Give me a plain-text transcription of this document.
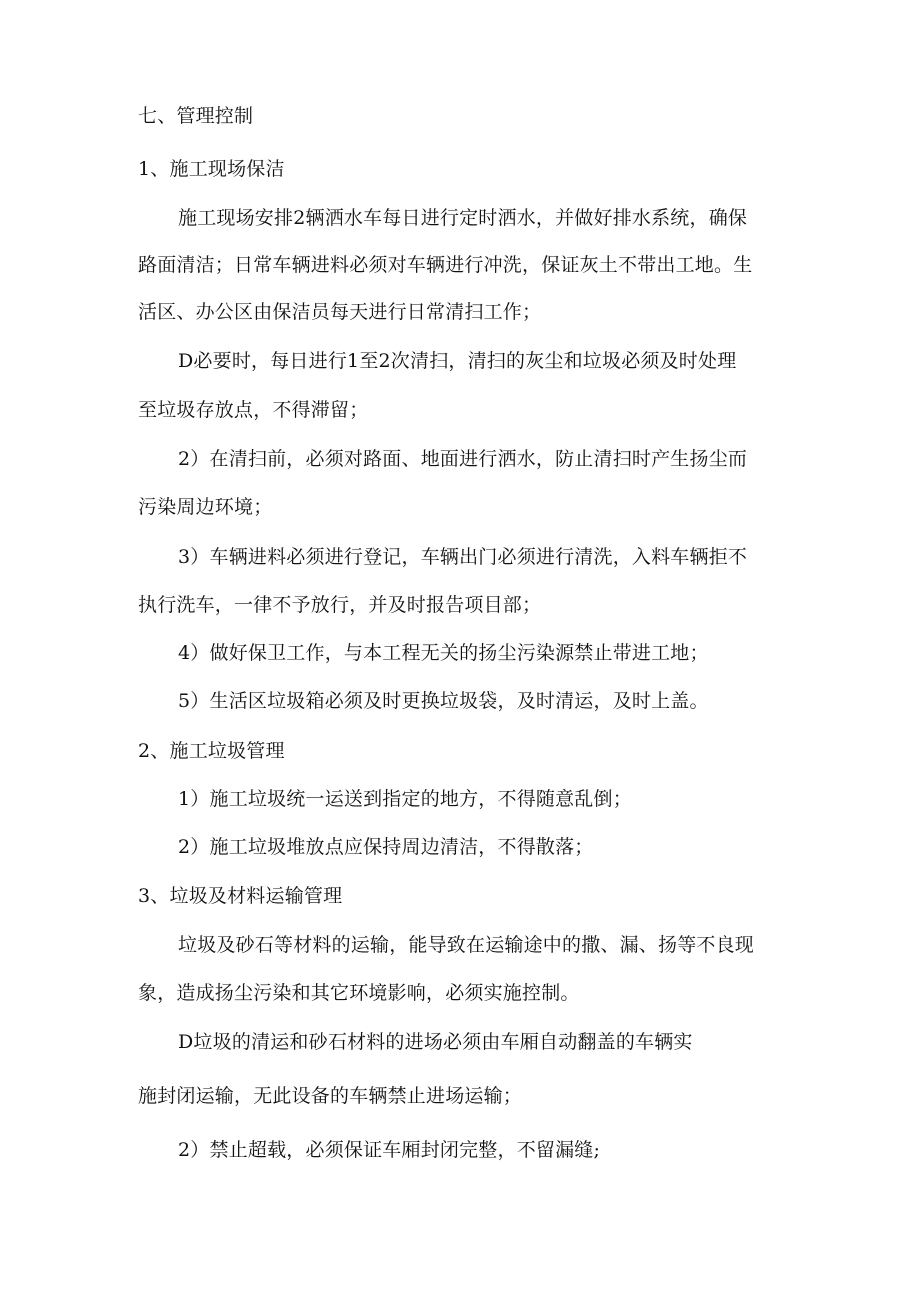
七、管理控制
1、施工现场保洁
施工现场安排2辆洒水车每日进行定时洒水，并做好排水系统，确保
路面清洁；日常车辆进料必须对车辆进行冲洗，保证灰土不带出工地。生
活区、办公区由保洁员每天进行日常清扫工作；
D必要时，每日进行1至2次清扫，清扫的灰尘和垃圾必须及时处理
至垃圾存放点，不得滞留；
2）在清扫前，必须对路面、地面进行洒水，防止清扫时产生扬尘而
污染周边环境；
3）车辆进料必须进行登记，车辆出门必须进行清洗，入料车辆拒不
执行洗车，一律不予放行，并及时报告项目部；
4）做好保卫工作，与本工程无关的扬尘污染源禁止带进工地；
5）生活区垃圾箱必须及时更换垃圾袋，及时清运，及时上盖。
2、施工垃圾管理
1）施工垃圾统一运送到指定的地方，不得随意乱倒；
2）施工垃圾堆放点应保持周边清洁，不得散落；
3、垃圾及材料运输管理
垃圾及砂石等材料的运输，能导致在运输途中的撒、漏、扬等不良现
象，造成扬尘污染和其它环境影响，必须实施控制。
D垃圾的清运和砂石材料的进场必须由车厢自动翻盖的车辆实
施封闭运输，无此设备的车辆禁止进场运输；
2）禁止超载，必须保证车厢封闭完整，不留漏缝;
